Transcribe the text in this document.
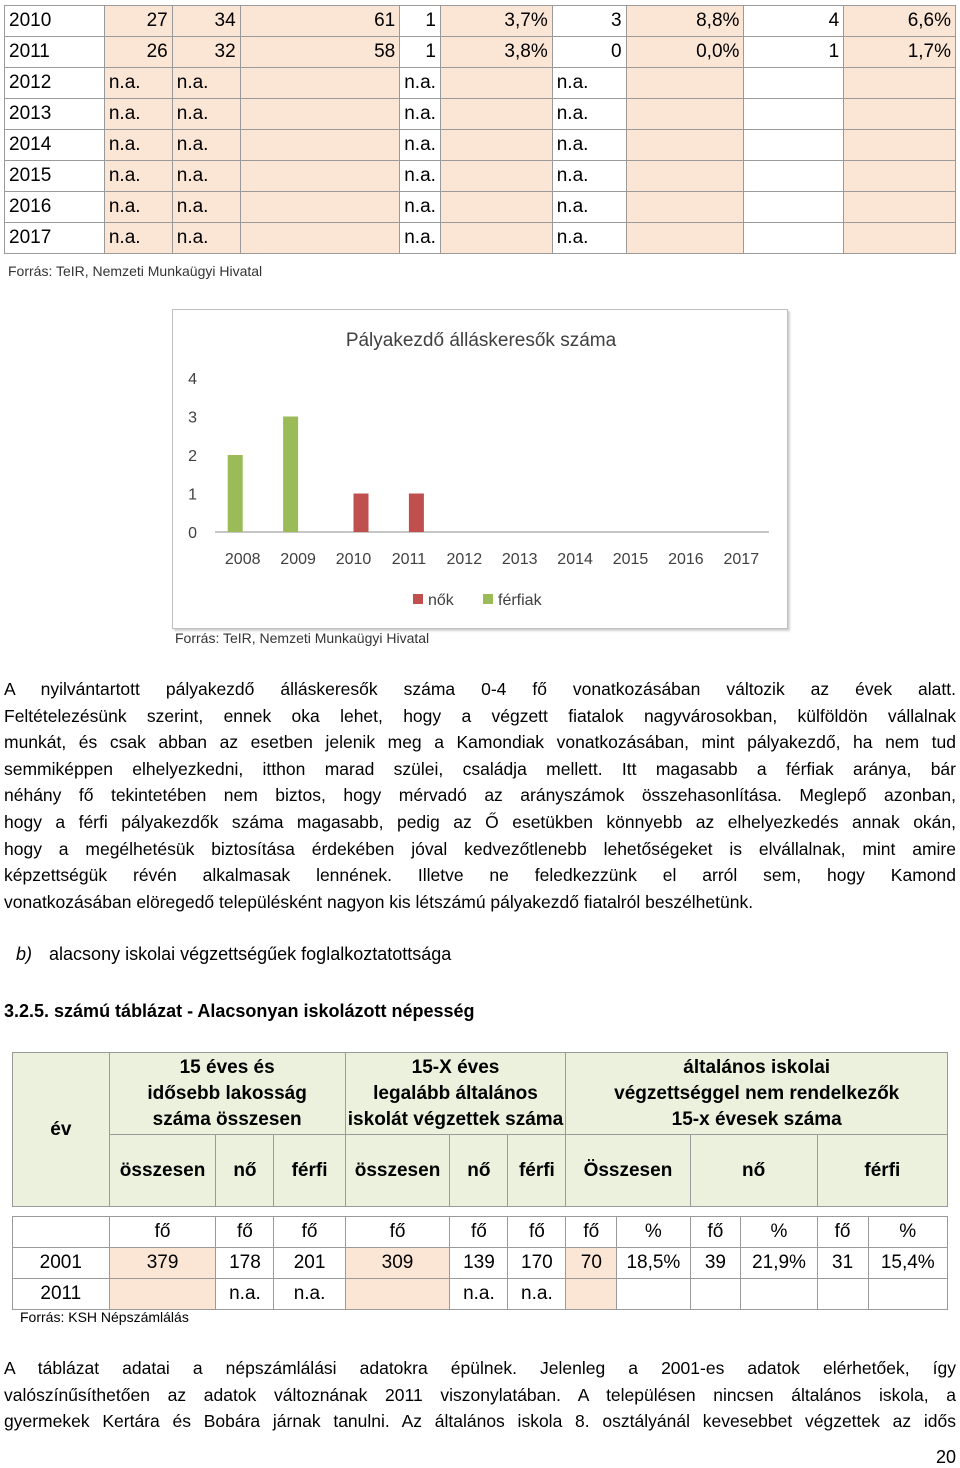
2010	27	34	61	1	3,7%	3	8,8%	4	6,6%
2011	26	32	58	1	3,8%	0	0,0%	1	1,7%
2012	n.a.	n.a.		n.a.		n.a.			
2013	n.a.	n.a.		n.a.		n.a.			
2014	n.a.	n.a.		n.a.		n.a.			
2015	n.a.	n.a.		n.a.		n.a.			
2016	n.a.	n.a.		n.a.		n.a.			
2017	n.a.	n.a.		n.a.		n.a.			
Forrás: TeIR, Nemzeti Munkaügyi Hivatal
Pályakezdő álláskeresők száma
0
1
2
3
4
2008 2009 2010 2011 2012 2013 2014 2015 2016 2017
nők	férfiak
Forrás: TeIR, Nemzeti Munkaügyi Hivatal
A nyilvántartott pályakezdő álláskeresők száma 0-4 fő vonatkozásában változik az évek alatt.
Feltételezésünk szerint, ennek oka lehet, hogy a végzett fiatalok nagyvárosokban, külföldön vállalnak
munkát, és csak abban az esetben jelenik meg a Kamondiak vonatkozásában, mint pályakezdő, ha nem tud
semmiképpen elhelyezkedni, itthon marad szülei, családja mellett. Itt magasabb a férfiak aránya, bár
néhány fő tekintetében nem biztos, hogy mérvadó az arányszámok összehasonlítása. Meglepő azonban,
hogy a férfi pályakezdők száma magasabb, pedig az Ő esetükben könnyebb az elhelyezkedés annak okán,
hogy a megélhetésük biztosítása érdekében jóval kedvezőtlenebb lehetőségeket is elvállalnak, mint amire
képzettségük révén alkalmasak lennének. Illetve ne feledkezzünk el arról sem, hogy Kamond
vonatkozásában elöregedő településként nagyon kis létszámú pályakezdő fiatalról beszélhetünk.
b) alacsony iskolai végzettségűek foglalkoztatottsága
3.2.5. számú táblázat - Alacsonyan iskolázott népesség
év	15 éves és
idősebb lakosság
száma összesen			15-X éves
legalább általános
iskolát végzettek száma			általános iskolai
végzettséggel nem rendelkezők
15-x évesek száma					
	összesen	nő	férfi	összesen	nő	férfi	Összesen		nő		férfi	

	fő	fő	fő	fő	fő	fő	fő	%	fő	%	fő	%
2001	379	178	201	309	139	170	70	18,5%	39	21,9%	31	15,4%
2011		n.a.	n.a.		n.a.	n.a.						
Forrás: KSH Népszámlálás
A táblázat adatai a népszámlálási adatokra épülnek. Jelenleg a 2001-es adatok elérhetőek, így
valószínűsíthetően az adatok változnának 2011 viszonylatában. A településen nincsen általános iskola, a
gyermekek Kertára és Bobára járnak tanulni. Az általános iskola 8. osztályánál kevesebbet végzettek az idős
20
